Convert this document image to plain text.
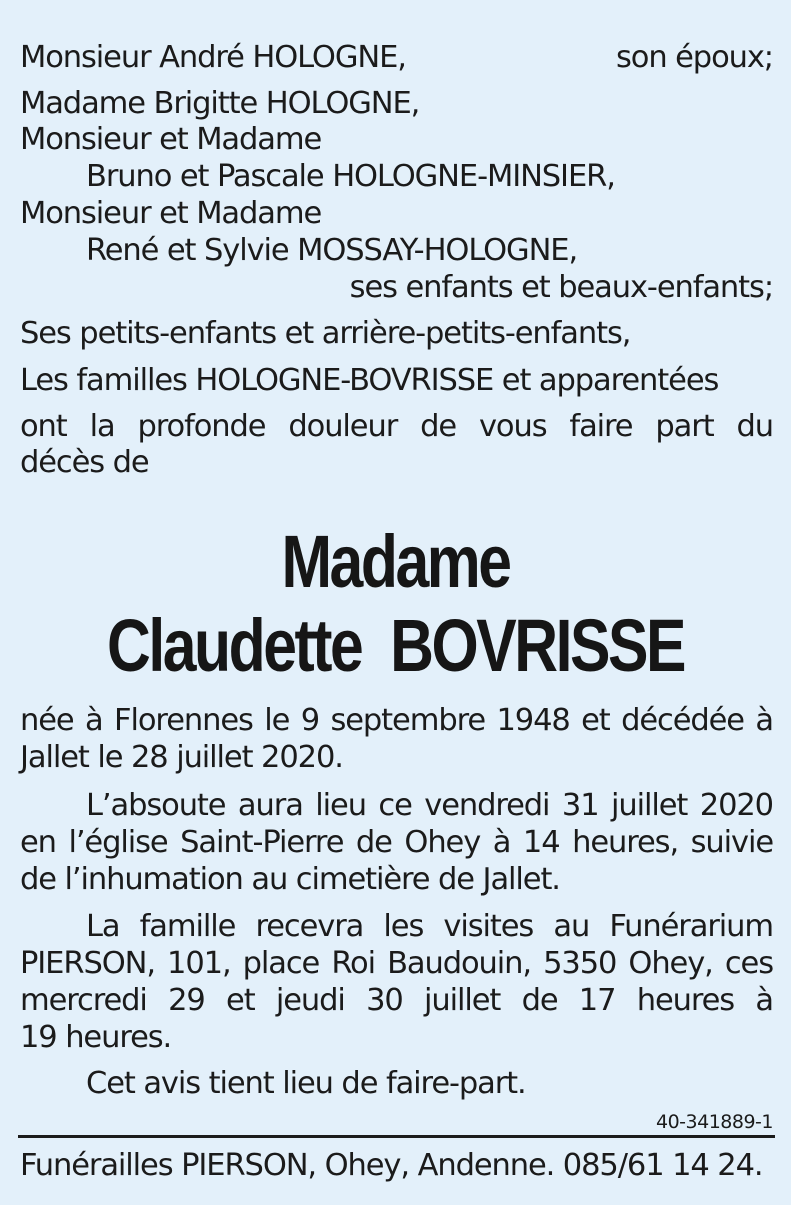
Monsieur André HOLOGNE,	son époux;
Madame Brigitte HOLOGNE,
Monsieur et Madame
Bruno et Pascale HOLOGNE-MINSIER,
Monsieur et Madame
René et Sylvie MOSSAY-HOLOGNE,
ses enfants et beaux-enfants;
Ses petits-enfants et arrière-petits-enfants,
Les familles HOLOGNE-BOVRISSE et apparentées
ont la profonde douleur de vous faire part du
décès de
Madame
Claudette  BOVRISSE
née à Florennes le 9 septembre 1948 et décédée à
Jallet le 28 juillet 2020.
L’absoute aura lieu ce vendredi 31 juillet 2020
en l’église Saint-Pierre de Ohey à 14 heures, suivie
de l’inhumation au cimetière de Jallet.
La famille recevra les visites au Funérarium
PIERSON, 101, place Roi Baudouin, 5350 Ohey, ces
mercredi 29 et jeudi 30 juillet de 17 heures à
19 heures.
Cet avis tient lieu de faire-part.
40-341889-1
Funérailles PIERSON, Ohey, Andenne. 085/61 14 24.
